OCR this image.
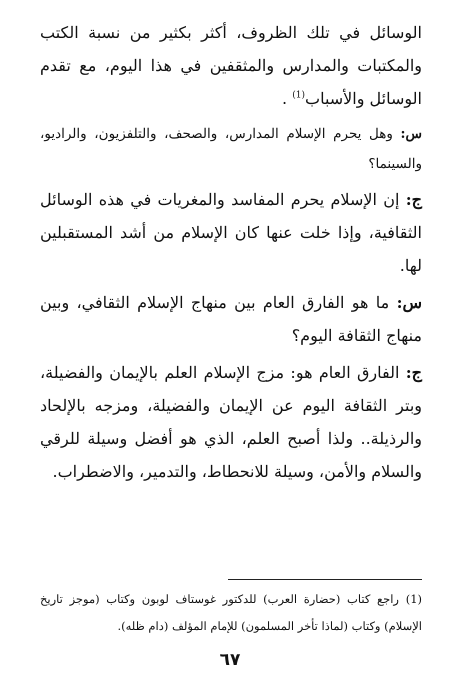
الوسائل في تلك الظروف، أكثر بكثير من نسبة الكتب والمكتبات والمدارس والمثقفين في هذا اليوم، مع تقدم الوسائل والأسباب$^{(1)}$ .

س: وهل يحرم الإسلام المدارس، والصحف، والتلفزيون، والراديو، والسينما؟

ج: إن الإسلام يحرم المفاسد والمغريات في هذه الوسائل الثقافية، وإذا خلت عنها كان الإسلام من أشد المستقبلين لها.

س: ما هو الفارق العام بين منهاج الإسلام الثقافي، وبين منهاج الثقافة اليوم؟

ج: الفارق العام هو: مزج الإسلام العلم بالإيمان والفضيلة، وبتر الثقافة اليوم عن الإيمان والفضيلة، ومزجه بالإلحاد والرذيلة.. ولذا أصبح العلم، الذي هو أفضل وسيلة للرقي والسلام والأمن، وسيلة للانحطاط، والتدمير، والاضطراب.

(1) راجع كتاب (حضارة العرب) للدكتور غوستاف لوبون وكتاب (موجز تاريخ الإسلام) وكتاب (لماذا تأخر المسلمون) للإمام المؤلف (دام ظله).
٦٧
